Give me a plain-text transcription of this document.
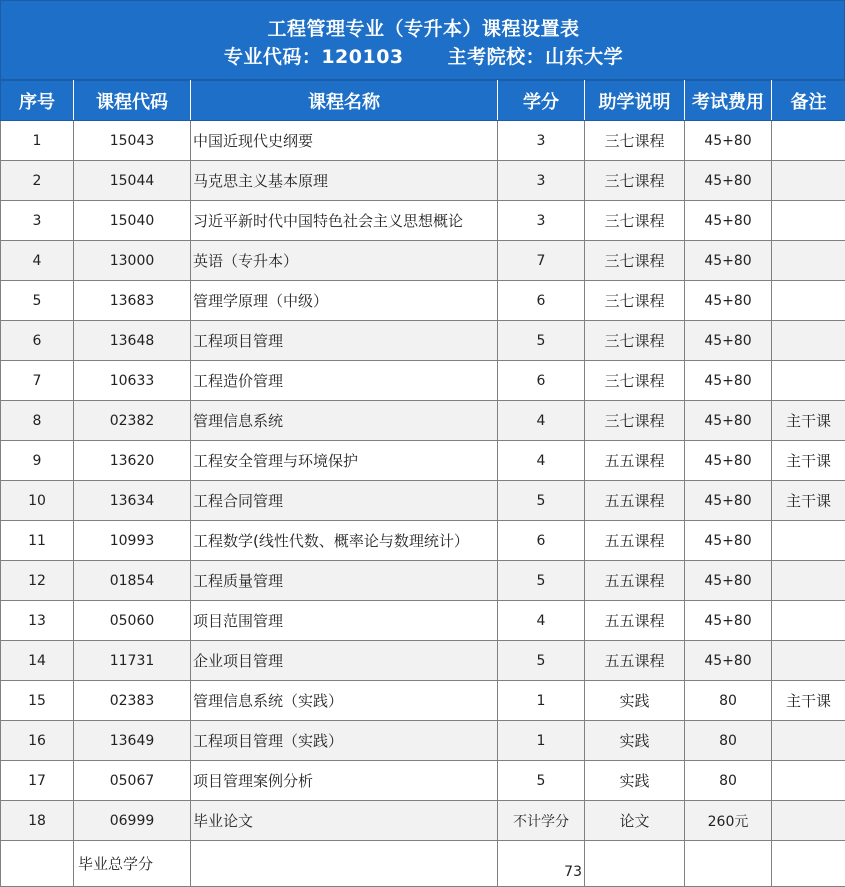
工程管理专业（专升本）课程设置表
专业代码：120103 主考院校：山东大学
序号	课程代码	课程名称	学分	助学说明	考试费用	备注
1	15043	中国近现代史纲要	3	三七课程	45+80	
2	15044	马克思主义基本原理	3	三七课程	45+80	
3	15040	习近平新时代中国特色社会主义思想概论	3	三七课程	45+80	
4	13000	英语（专升本）	7	三七课程	45+80	
5	13683	管理学原理（中级）	6	三七课程	45+80	
6	13648	工程项目管理	5	三七课程	45+80	
7	10633	工程造价管理	6	三七课程	45+80	
8	02382	管理信息系统	4	三七课程	45+80	主干课
9	13620	工程安全管理与环境保护	4	五五课程	45+80	主干课
10	13634	工程合同管理	5	五五课程	45+80	主干课
11	10993	工程数学(线性代数、概率论与数理统计）	6	五五课程	45+80	
12	01854	工程质量管理	5	五五课程	45+80	
13	05060	项目范围管理	4	五五课程	45+80	
14	11731	企业项目管理	5	五五课程	45+80	
15	02383	管理信息系统（实践）	1	实践	80	主干课
16	13649	工程项目管理（实践）	1	实践	80	
17	05067	项目管理案例分析	5	实践	80	
18	06999	毕业论文	不计学分	论文	260元	
	毕业总学分		73			
